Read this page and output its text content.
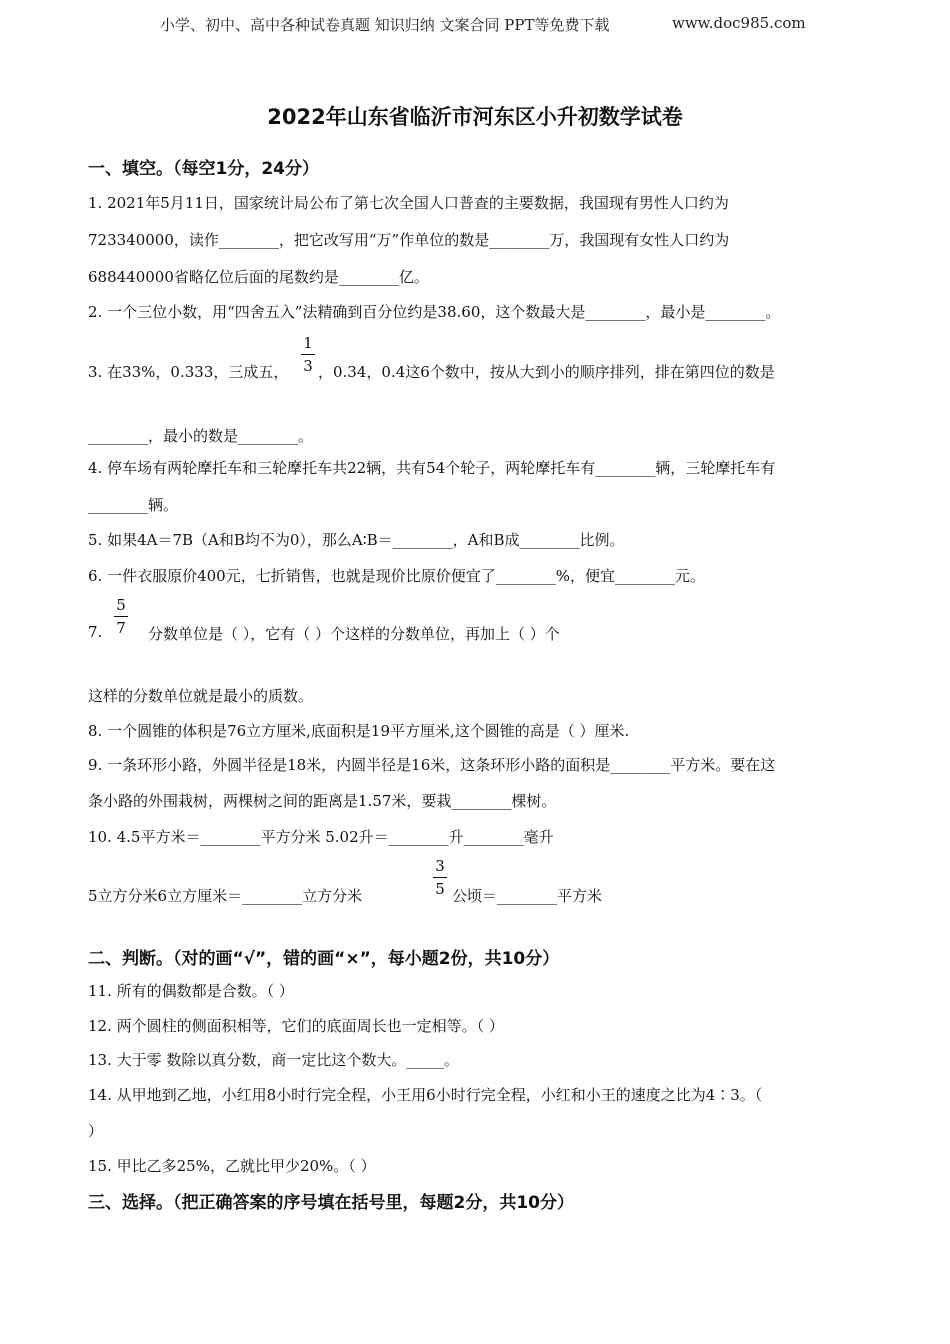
小学、初中、高中各种试卷真题 知识归纳 文案合同 PPT等免费下载	www.doc985.com
2022年山东省临沂市河东区小升初数学试卷
一、填空。（每空1分，24分）
1. 2021年5月11日，国家统计局公布了第七次全国人口普查的主要数据，我国现有男性人口约为
723340000，读作________，把它改写用“万”作单位的数是________万，我国现有女性人口约为
688440000省略亿位后面的尾数约是________亿。
2. 一个三位小数，用“四舍五入”法精确到百分位约是38.60，这个数最大是________，最小是________。
3. 在33%，0.333，三成五，
1
3 ，0.34，0.4这6个数中，按从大到小的顺序排列，排在第四位的数是
________，最小的数是________。
4. 停车场有两轮摩托车和三轮摩托车共22辆，共有54个轮子，两轮摩托车有________辆，三轮摩托车有
________辆。
5. 如果4A＝7B（A和B均不为0），那么A∶B＝________，A和B成________比例。
6. 一件衣服原价400元，七折销售，也就是现价比原价便宜了________%，便宜________元。
7.
5
7 分数单位是（ ），它有（ ）个这样的分数单位，再加上（ ）个
这样的分数单位就是最小的质数。
8. 一个圆锥的体积是76立方厘米,底面积是19平方厘米,这个圆锥的高是（ ）厘米.
9. 一条环形小路，外圆半径是18米，内圆半径是16米，这条环形小路的面积是________平方米。要在这
条小路的外围栽树，两棵树之间的距离是1.57米，要栽________棵树。
10. 4.5平方米＝________平方分米 5.02升＝________升________毫升
5立方分米6立方厘米＝________立方分米
3
5 公顷＝________平方米
二、判断。（对的画“√”，错的画“×”，每小题2份，共10分）
11. 所有的偶数都是合数。（ ）
12. 两个圆柱的侧面积相等，它们的底面周长也一定相等。（ ）
13. 大于零 数除以真分数，商一定比这个数大。_____。
14. 从甲地到乙地，小红用8小时行完全程，小王用6小时行完全程，小红和小王的速度之比为4∶3。（
）
15. 甲比乙多25%，乙就比甲少20%。（ ）
三、选择。（把正确答案的序号填在括号里，每题2分，共10分）
